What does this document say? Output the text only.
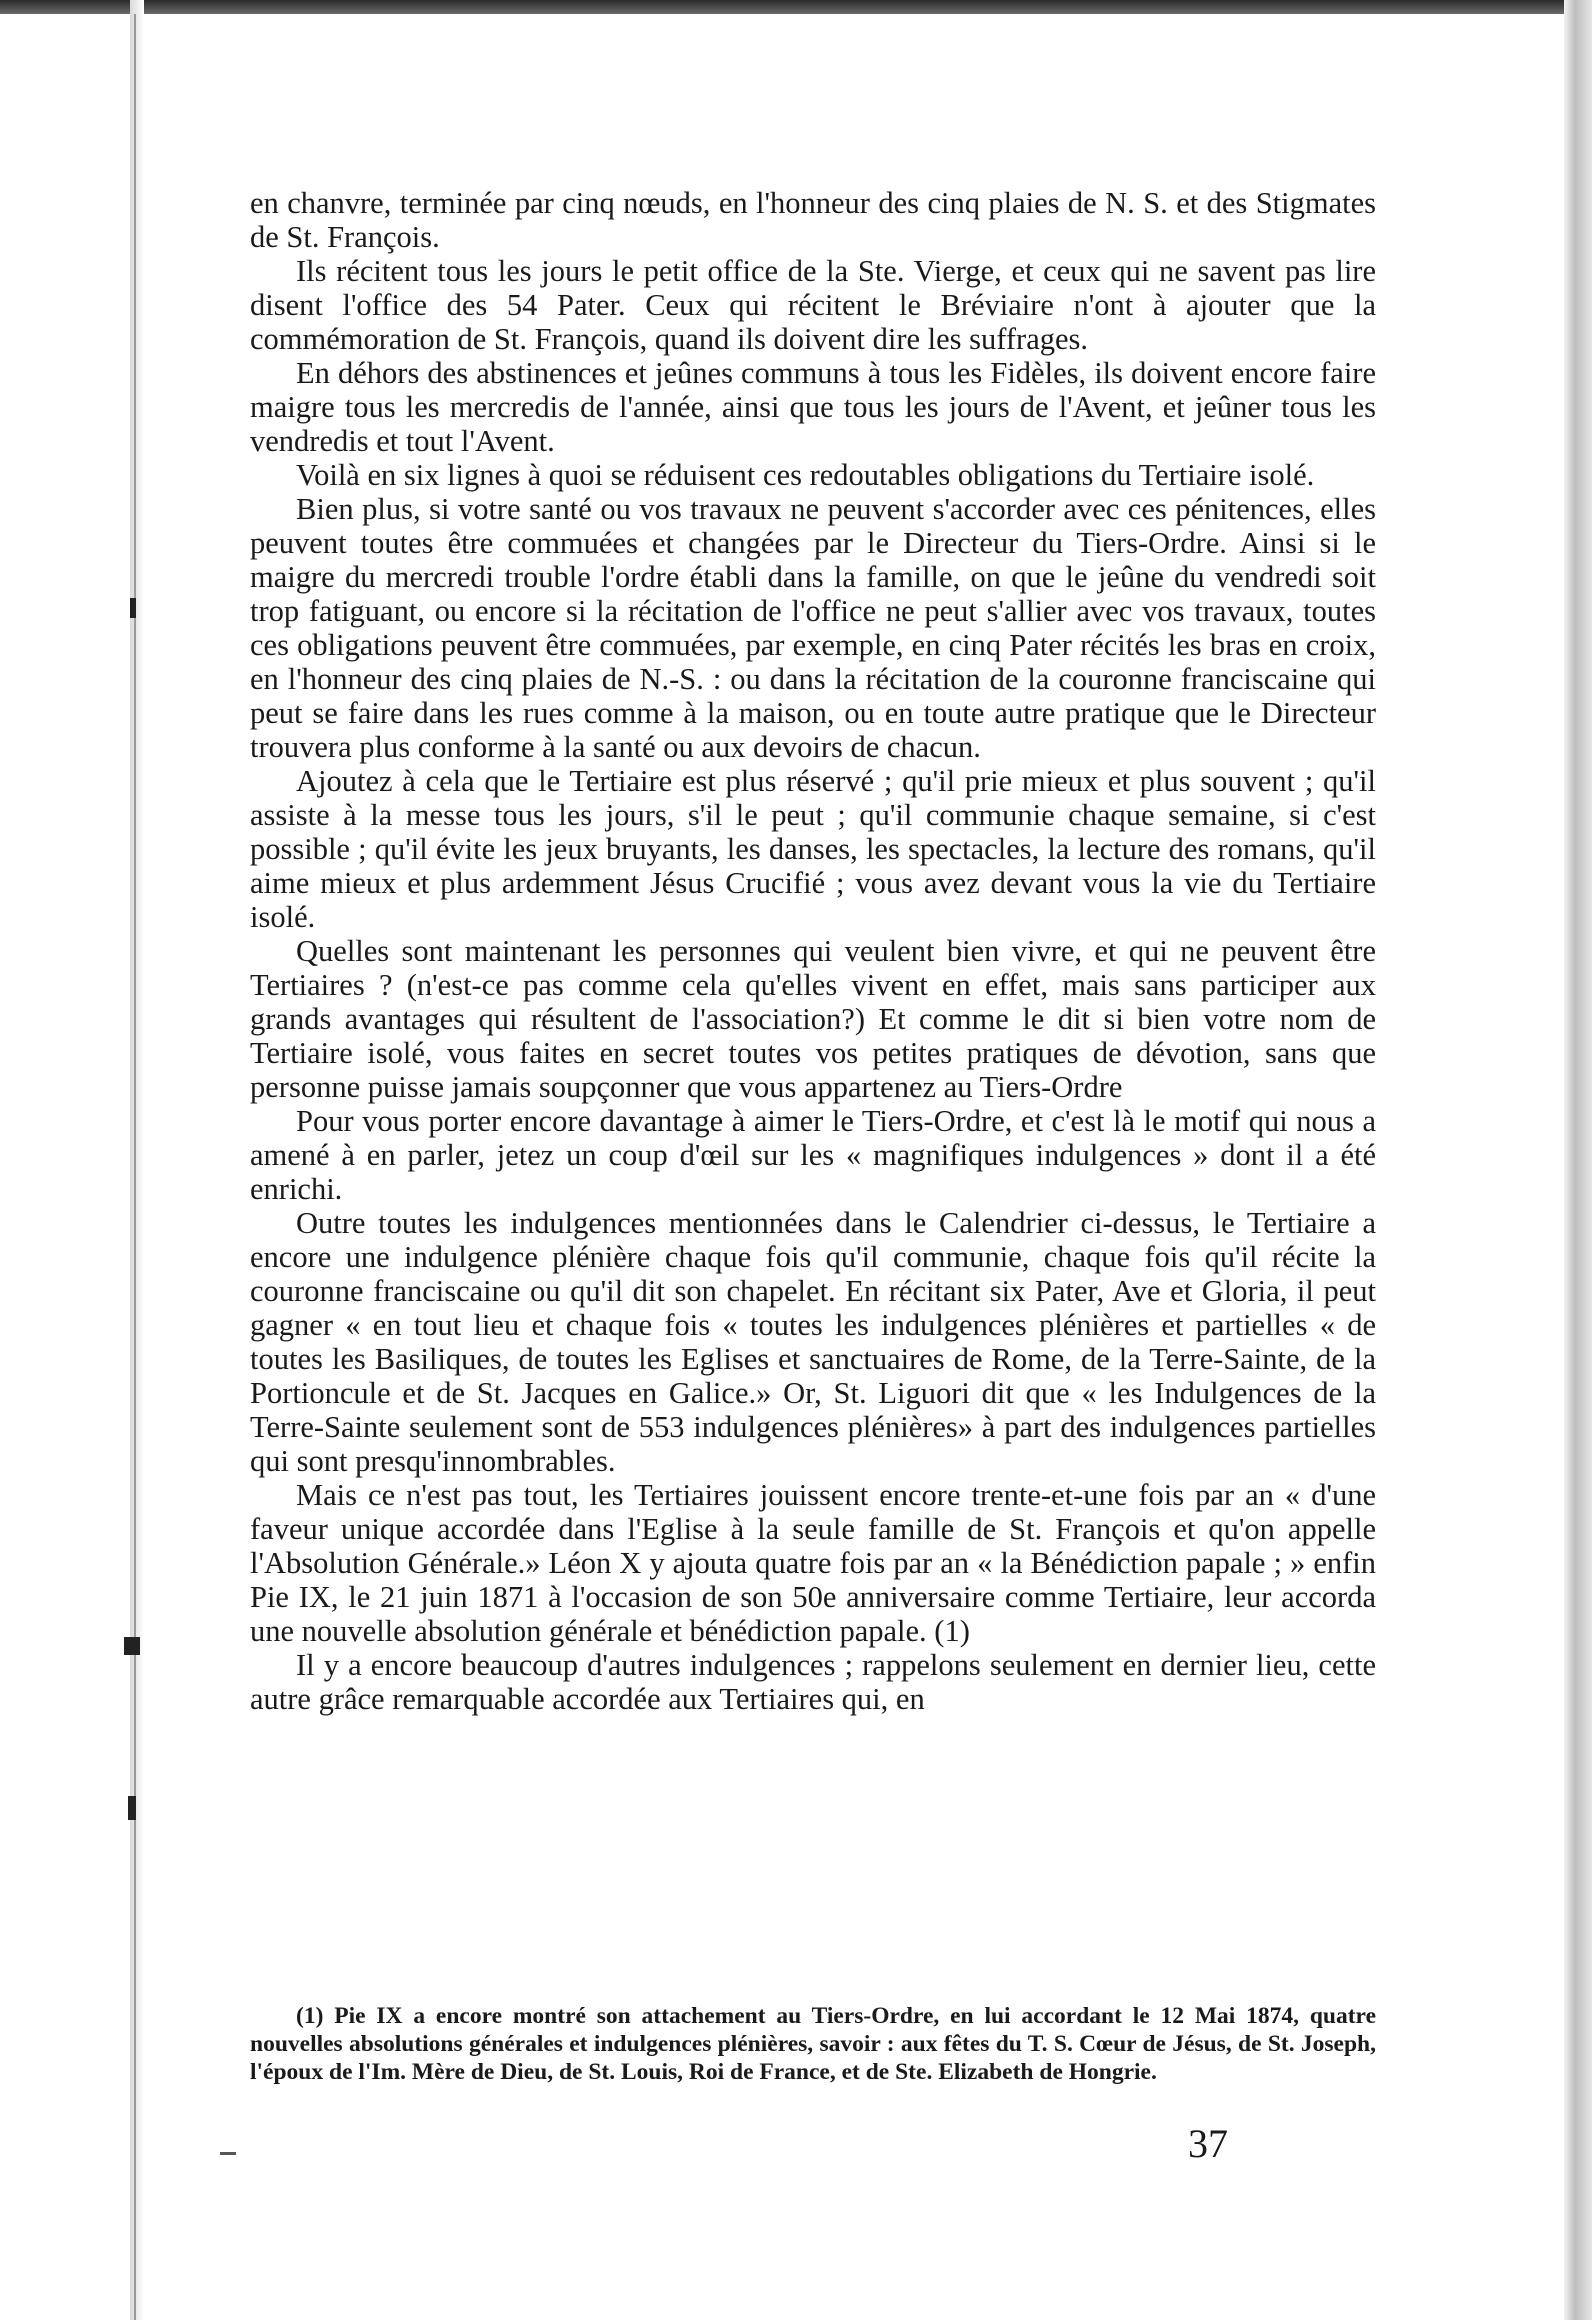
en chanvre, terminée par cinq nœuds, en l'honneur des cinq plaies de N. S. et des Stigmates de St. François.

Ils récitent tous les jours le petit office de la Ste. Vierge, et ceux qui ne savent pas lire disent l'office des 54 Pater. Ceux qui récitent le Bréviaire n'ont à ajouter que la commémoration de St. François, quand ils doivent dire les suffrages.

En déhors des abstinences et jeûnes communs à tous les Fidèles, ils doivent encore faire maigre tous les mercredis de l'année, ainsi que tous les jours de l'Avent, et jeûner tous les vendredis et tout l'Avent.

Voilà en six lignes à quoi se réduisent ces redoutables obligations du Tertiaire isolé.

Bien plus, si votre santé ou vos travaux ne peuvent s'accorder avec ces pénitences, elles peuvent toutes être commuées et changées par le Directeur du Tiers-Ordre. Ainsi si le maigre du mercredi trouble l'ordre établi dans la famille, on que le jeûne du vendredi soit trop fatiguant, ou encore si la récitation de l'office ne peut s'allier avec vos travaux, toutes ces obligations peuvent être commuées, par exemple, en cinq Pater récités les bras en croix, en l'honneur des cinq plaies de N.-S. : ou dans la récitation de la couronne franciscaine qui peut se faire dans les rues comme à la maison, ou en toute autre pratique que le Directeur trouvera plus conforme à la santé ou aux devoirs de chacun.

Ajoutez à cela que le Tertiaire est plus réservé ; qu'il prie mieux et plus souvent ; qu'il assiste à la messe tous les jours, s'il le peut ; qu'il communie chaque semaine, si c'est possible ; qu'il évite les jeux bruyants, les danses, les spectacles, la lecture des romans, qu'il aime mieux et plus ardemment Jésus Crucifié ; vous avez devant vous la vie du Tertiaire isolé.

Quelles sont maintenant les personnes qui veulent bien vivre, et qui ne peuvent être Tertiaires ? (n'est-ce pas comme cela qu'elles vivent en effet, mais sans participer aux grands avantages qui résultent de l'association?) Et comme le dit si bien votre nom de Tertiaire isolé, vous faites en secret toutes vos petites pratiques de dévotion, sans que personne puisse jamais soupçonner que vous appartenez au Tiers-Ordre

Pour vous porter encore davantage à aimer le Tiers-Ordre, et c'est là le motif qui nous a amené à en parler, jetez un coup d'œil sur les « magnifiques indulgences » dont il a été enrichi.

Outre toutes les indulgences mentionnées dans le Calendrier ci-dessus, le Tertiaire a encore une indulgence plénière chaque fois qu'il communie, chaque fois qu'il récite la couronne franciscaine ou qu'il dit son chapelet. En récitant six Pater, Ave et Gloria, il peut gagner « en tout lieu et chaque fois « toutes les indulgences plénières et partielles « de toutes les Basiliques, de toutes les Eglises et sanctuaires de Rome, de la Terre-Sainte, de la Portioncule et de St. Jacques en Galice.» Or, St. Liguori dit que « les Indulgences de la Terre-Sainte seulement sont de 553 indulgences plénières» à part des indulgences partielles qui sont presqu'innombrables.

Mais ce n'est pas tout, les Tertiaires jouissent encore trente-et-une fois par an « d'une faveur unique accordée dans l'Eglise à la seule famille de St. François et qu'on appelle l'Absolution Générale.» Léon X y ajouta quatre fois par an « la Bénédiction papale ; » enfin Pie IX, le 21 juin 1871 à l'occasion de son 50e anniversaire comme Tertiaire, leur accorda une nouvelle absolution générale et bénédiction papale. (1)

Il y a encore beaucoup d'autres indulgences ; rappelons seulement en dernier lieu, cette autre grâce remarquable accordée aux Tertiaires qui, en

(1) Pie IX a encore montré son attachement au Tiers-Ordre, en lui accordant le 12 Mai 1874, quatre nouvelles absolutions générales et indulgences plénières, savoir : aux fêtes du T. S. Cœur de Jésus, de St. Joseph, l'époux de l'Im. Mère de Dieu, de St. Louis, Roi de France, et de Ste. Elizabeth de Hongrie.

37
